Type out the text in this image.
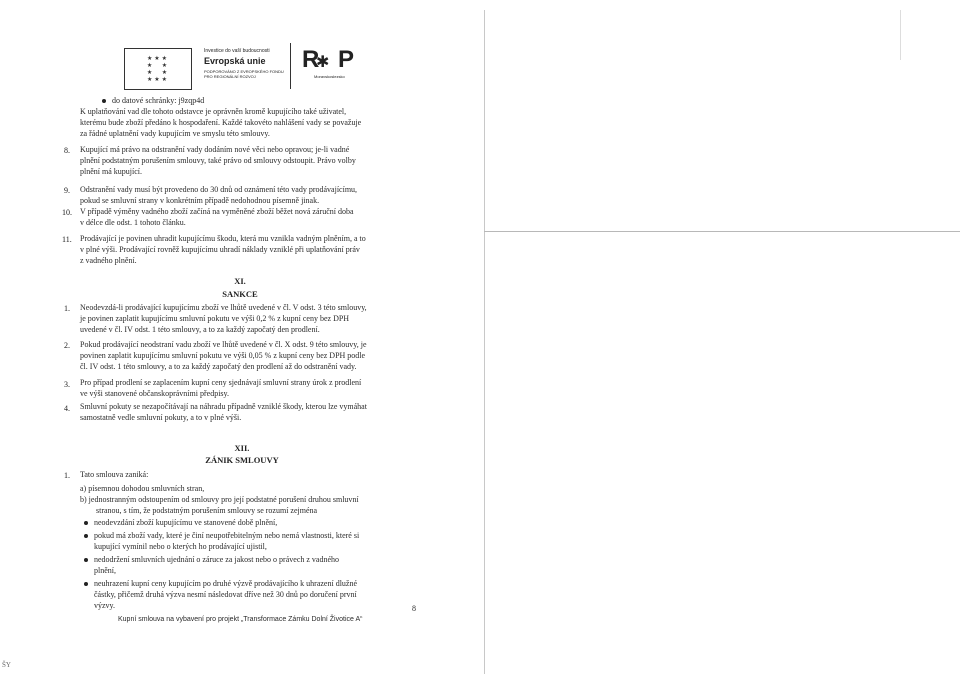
★ ★ ★
★     ★
★     ★
★ ★ ★
Investice do vaší budoucnosti
Evropská unie
PODPOROVÁNO Z EVROPSKÉHO FONDU
PRO REGIONÁLNÍ ROZVOJ
R
✱ P
Moravskoslezsko
do datové schránky: j9zqp4d
K uplatňování vad dle tohoto odstavce je oprávněn kromě kupujícího také uživatel,
kterému bude zboží předáno k hospodaření. Každé takovéto nahlášení vady se považuje
za řádné uplatnění vady kupujícím ve smyslu této smlouvy.
8. Kupující má právo na odstranění vady dodáním nové věci nebo opravou; je-li vadné
plnění podstatným porušením smlouvy, také právo od smlouvy odstoupit. Právo volby
plnění má kupující.
9. Odstranění vady musí být provedeno do 30 dnů od oznámení této vady prodávajícímu,
pokud se smluvní strany v konkrétním případě nedohodnou písemně jinak.
10. V případě výměny vadného zboží začíná na vyměněné zboží běžet nová záruční doba
v délce dle odst. 1 tohoto článku.
11. Prodávající je povinen uhradit kupujícímu škodu, která mu vznikla vadným plněním, a to
v plné výši. Prodávající rovněž kupujícímu uhradí náklady vzniklé při uplatňování práv
z vadného plnění.
XI.
SANKCE
1. Neodevzdá-li prodávající kupujícímu zboží ve lhůtě uvedené v čl. V odst. 3 této smlouvy,
je povinen zaplatit kupujícímu smluvní pokutu ve výši 0,2 % z kupní ceny bez DPH
uvedené v čl. IV odst. 1 této smlouvy, a to za každý započatý den prodlení.
2. Pokud prodávající neodstraní vadu zboží ve lhůtě uvedené v čl. X odst. 9 této smlouvy, je
povinen zaplatit kupujícímu smluvní pokutu ve výši 0,05 % z kupní ceny bez DPH podle
čl. IV odst. 1 této smlouvy, a to za každý započatý den prodlení až do odstranění vady.
3. Pro případ prodlení se zaplacením kupní ceny sjednávají smluvní strany úrok z prodlení
ve výši stanovené občanskoprávními předpisy.
4. Smluvní pokuty se nezapočítávají na náhradu případně vzniklé škody, kterou lze vymáhat
samostatně vedle smluvní pokuty, a to v plné výši.
XII.
ZÁNIK SMLOUVY
1. Tato smlouva zaniká:
a) písemnou dohodou smluvních stran,
b) jednostranným odstoupením od smlouvy pro její podstatné porušení druhou smluvní
stranou, s tím, že podstatným porušením smlouvy se rozumí zejména
neodevzdání zboží kupujícímu ve stanovené době plnění,
pokud má zboží vady, které je činí neupotřebitelným nebo nemá vlastnosti, které si
kupující vymínil nebo o kterých ho prodávající ujistil,
nedodržení smluvních ujednání o záruce za jakost nebo o právech z vadného
plnění,
neuhrazení kupní ceny kupujícím po druhé výzvě prodávajícího k uhrazení dlužné
částky, přičemž druhá výzva nesmí následovat dříve než 30 dnů po doručení první
výzvy.	8
Kupní smlouva na vybavení pro projekt „Transformace Zámku Dolní Životice A“
ŠY
